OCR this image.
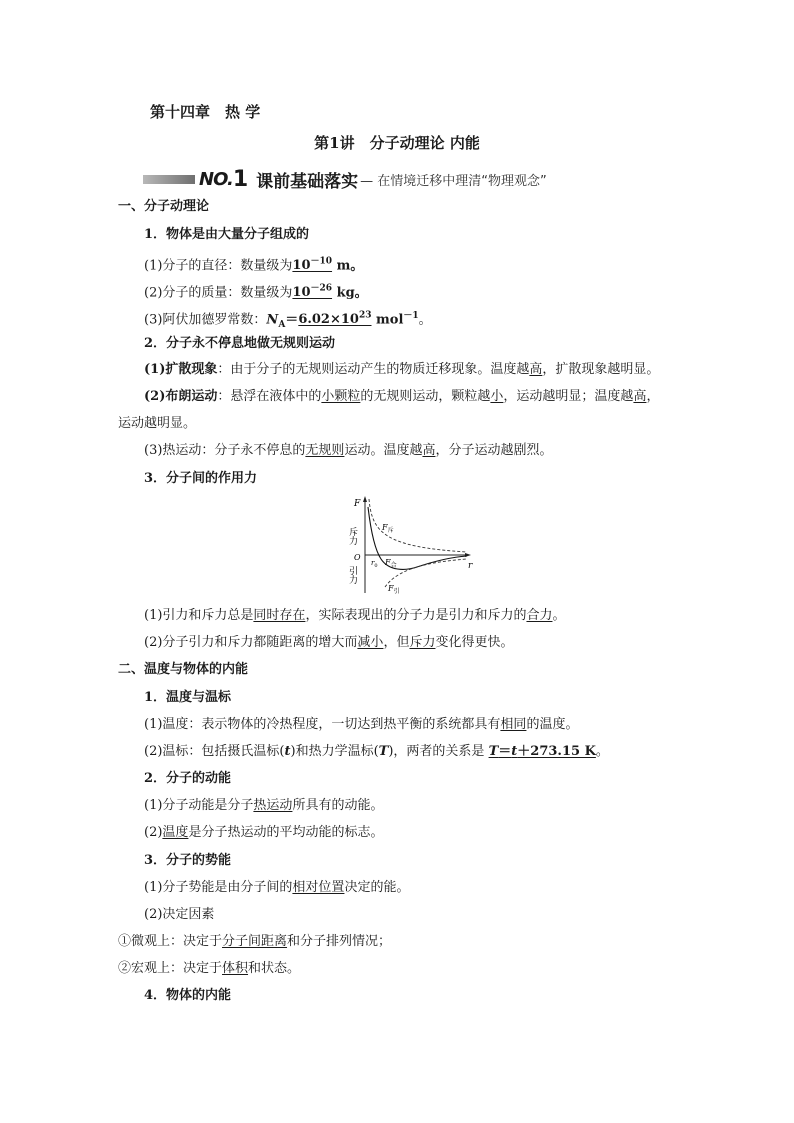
第十四章　热 学
第1讲　分子动理论 内能
NO. 1 课前基础落实 — 在情境迁移中理清“物理观念”
一、分子动理论
1．物体是由大量分子组成的
(1)分子的直径：数量级为$10^{-10}$ m。
(2)分子的质量：数量级为$10^{-26}$ kg。
(3)阿伏加德罗常数：$N_A=6.02\times 10^{23}$ mol$^{-1}$。
2．分子永不停息地做无规则运动
(1)扩散现象：由于分子的无规则运动产生的物质迁移现象。温度越高，扩散现象越明显。
(2)布朗运动：悬浮在液体中的小颗粒的无规则运动，颗粒越小，运动越明显；温度越高，
运动越明显。
(3)热运动：分子永不停息的无规则运动。温度越高，分子运动越剧烈。
3．分子间的作用力
F
斥力
O
引力	r
$F_斥$
$r_0$ $F_合$
$F_引$
(1)引力和斥力总是同时存在，实际表现出的分子力是引力和斥力的合力。
(2)分子引力和斥力都随距离的增大而减小，但斥力变化得更快。
二、温度与物体的内能
1．温度与温标
(1)温度：表示物体的冷热程度，一切达到热平衡的系统都具有相同的温度。
(2)温标：包括摄氏温标(t)和热力学温标(T)，两者的关系是 T＝t＋273.15 K。
2．分子的动能
(1)分子动能是分子热运动所具有的动能。
(2)温度是分子热运动的平均动能的标志。
3．分子的势能
(1)分子势能是由分子间的相对位置决定的能。
(2)决定因素
①微观上：决定于分子间距离和分子排列情况；
②宏观上：决定于体积和状态。
4．物体的内能
